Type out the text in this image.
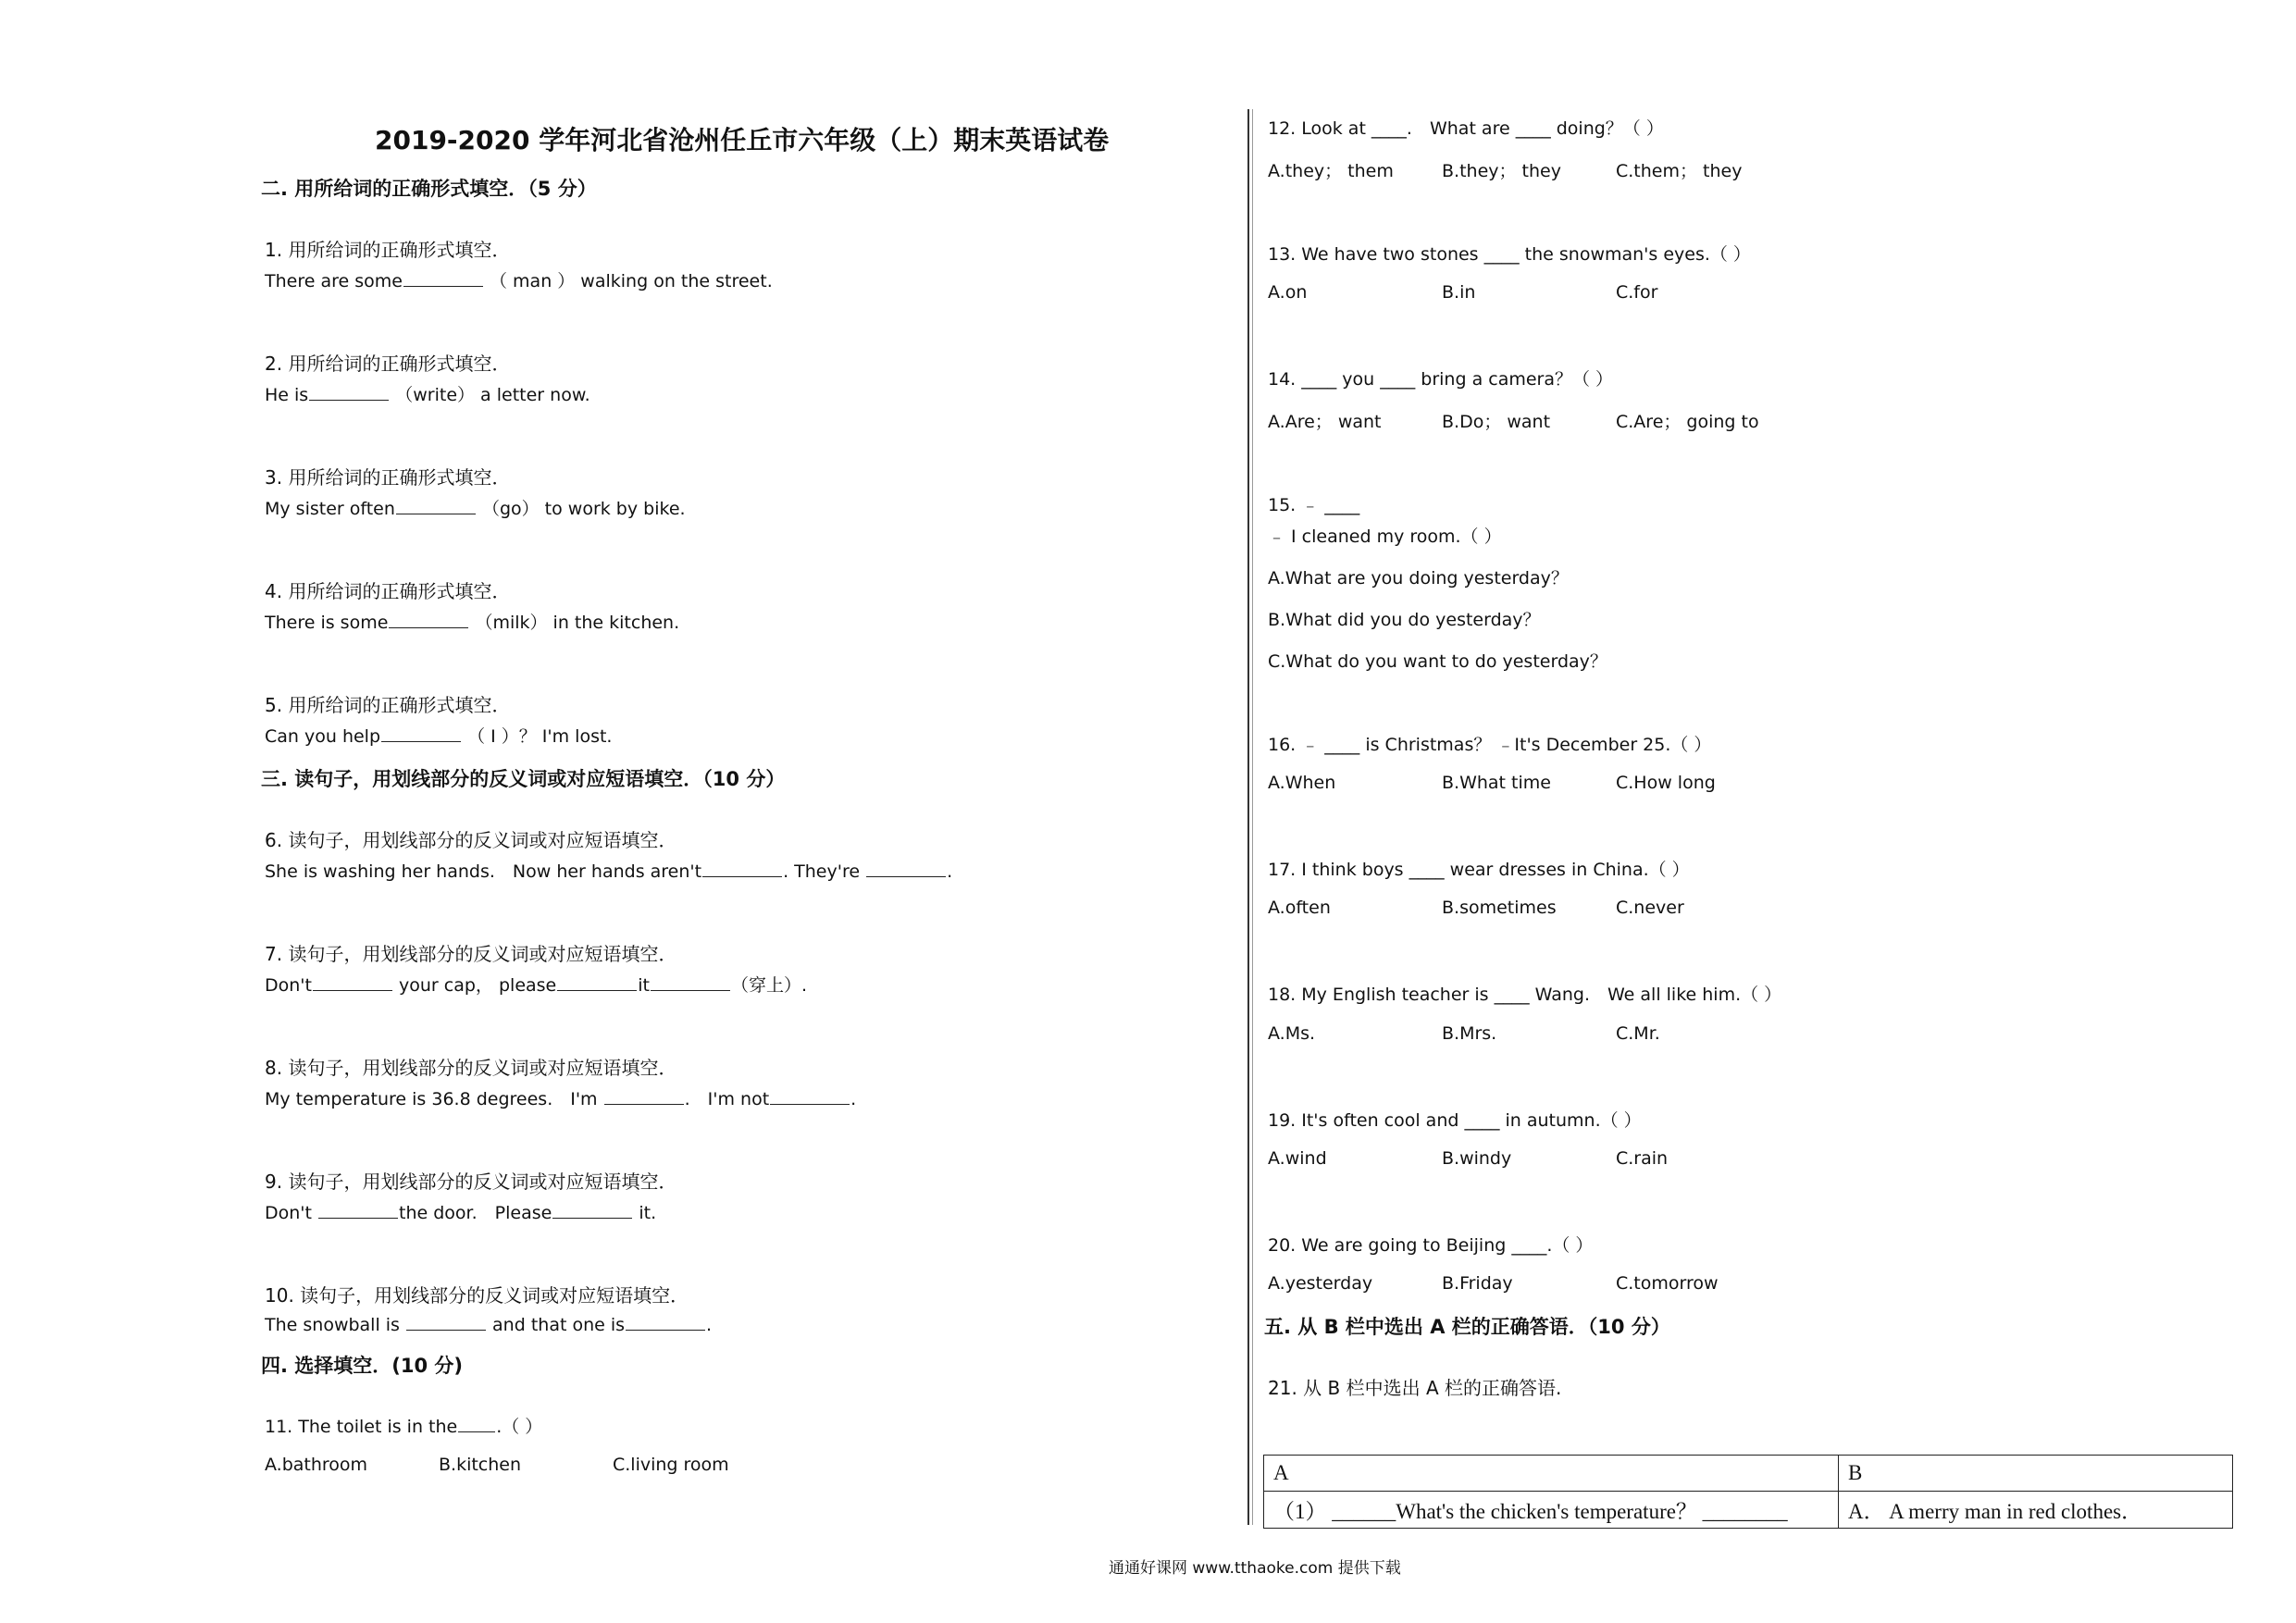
2019-2020 学年河北省沧州任丘市六年级（上）期末英语试卷
二. 用所给词的正确形式填空．（5 分）
1. 用所给词的正确形式填空．
There are some	（ man ） walking on the street.
2. 用所给词的正确形式填空．
He is	（write） a letter now.
3. 用所给词的正确形式填空．
My sister often	（go） to work by bike.
4. 用所给词的正确形式填空．
There is some	（milk） in the kitchen.
5. 用所给词的正确形式填空．
Can you help	（ I ）？ I'm lost.
三. 读句子，用划线部分的反义词或对应短语填空．（10 分）
6. 读句子，用划线部分的反义词或对应短语填空．
She is washing her hands.　Now her hands aren't	. They're	.
7. 读句子，用划线部分的反义词或对应短语填空．
Don't	your cap， please	it	（穿上）.
8. 读句子，用划线部分的反义词或对应短语填空．
My temperature is 36.8 degrees.　I'm	.　I'm not	.
9. 读句子，用划线部分的反义词或对应短语填空．
Don't	the door.　Please	it.
10. 读句子，用划线部分的反义词或对应短语填空．
The snowball is	and that one is	.
四. 选择填空．(10 分)
11. The toilet is in the .（ ）
A.bathroom	B.kitchen	C.living room
12. Look at ____.　What are ____ doing？（ ）
A.they； them	B.they； they	C.them； they
13. We have two stones ____ the snowman's eyes.（ ）
A.on	B.in	C.for
14. ____ you ____ bring a camera？（ ）
A.Are； want	B.Do； want	C.Are； going to
15. ﹣ ____
﹣ I cleaned my room.（ ）
A.What are you doing yesterday？
B.What did you do yesterday？
C.What do you want to do yesterday？
16. ﹣ ____ is Christmas？ ﹣It's December 25.（ ）
A.When	B.What time	C.How long
17. I think boys ____ wear dresses in China.（ ）
A.often	B.sometimes	C.never
18. My English teacher is ____ Wang.　We all like him.（ ）
A.Ms.	B.Mrs.	C.Mr.
19. It's often cool and ____ in autumn.（ ）
A.wind	B.windy	C.rain
20. We are going to Beijing ____.（ ）
A.yesterday	B.Friday	C.tomorrow
五. 从 B 栏中选出 A 栏的正确答语．（10 分）
21. 从 B 栏中选出 A 栏的正确答语.
A	B
（1） ______What's the chicken's temperature？ ________	A． A merry man in red clothes．
通通好课网 www.tthaoke.com 提供下载
